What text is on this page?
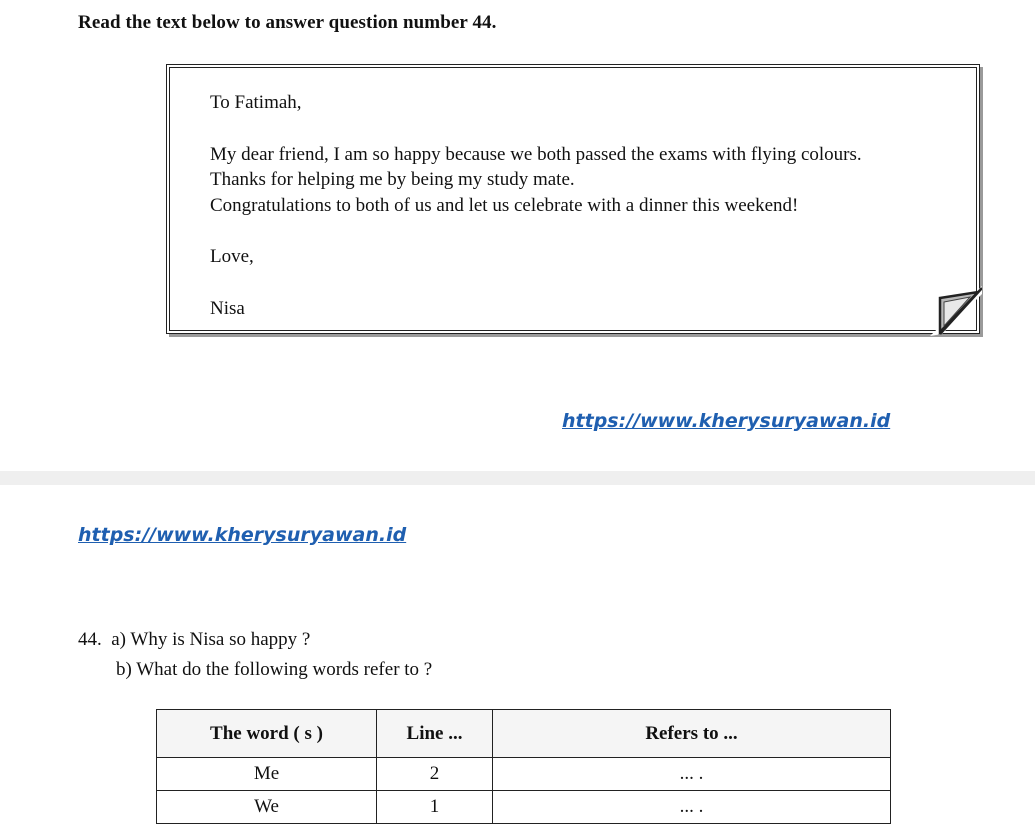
Read the text below to answer question number 44.
To Fatimah,
My dear friend, I am so happy because we both passed the exams with flying colours.
Thanks for helping me by being my study mate.
Congratulations to both of us and let us celebrate with a dinner this weekend!
Love,
Nisa
https://www.kherysuryawan.id
https://www.kherysuryawan.id
44.  a) Why is Nisa so happy ?
b) What do the following words refer to ?
The word ( s )	Line ...	Refers to ...
Me	2	... .
We	1	... .
